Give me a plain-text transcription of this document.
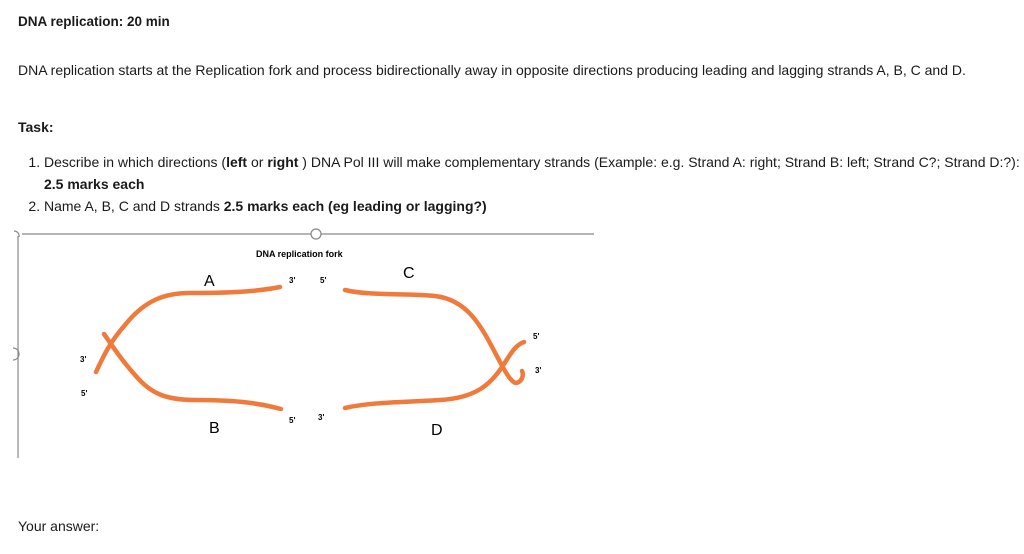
DNA replication: 20 min
DNA replication starts at the Replication fork and process bidirectionally away in opposite directions producing leading and lagging strands A, B, C and D.
Task:
1. Describe in which directions (left or right ) DNA Pol III will make complementary strands (Example: e.g. Strand A: right; Strand B: left; Strand C?; Strand D:?): 2.5 marks each
2. Name A, B, C and D strands 2.5 marks each (eg leading or lagging?)
DNA replication fork
A
B
C
D
3'	5'
5'	3'
3'
5'
5'
3'
Your answer:
